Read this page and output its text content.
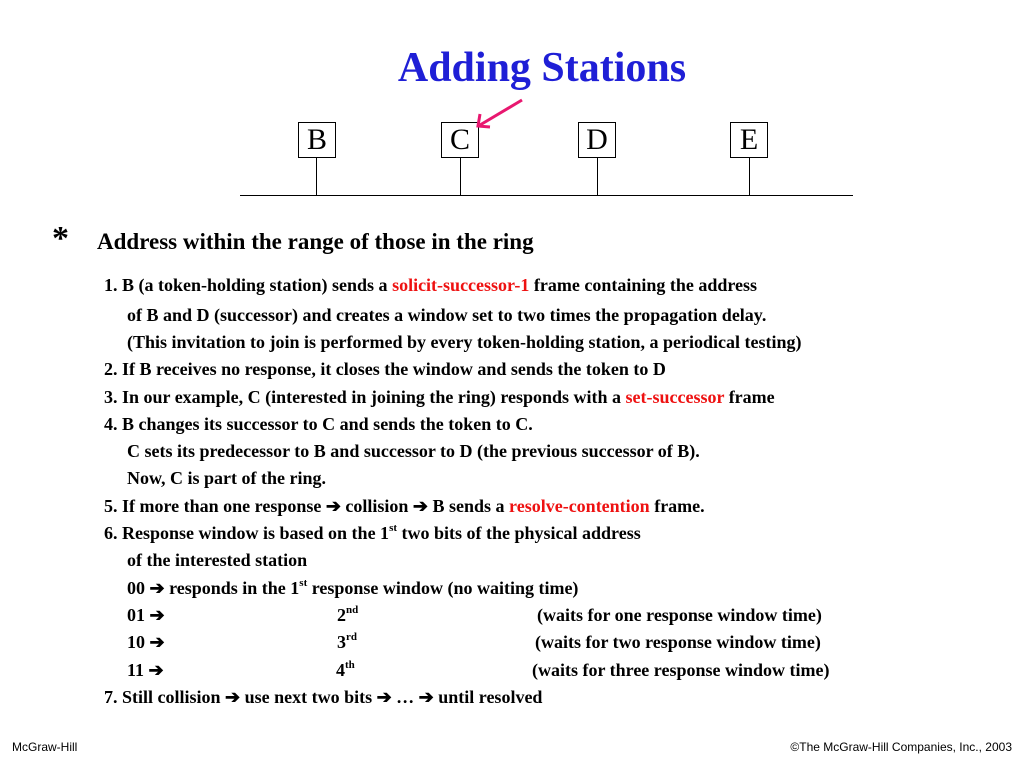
Adding Stations
B	C	D	E
* Address within the range of those in the ring
1. B (a token-holding station) sends a solicit-successor-1 frame containing the address
of B and D (successor) and creates a window set to two times the propagation delay.
(This invitation to join is performed by every token-holding station, a periodical testing)
2. If B receives no response, it closes the window and sends the token to D
3. In our example, C (interested in joining the ring) responds with a set-successor frame
4. B changes its successor to C and sends the token to C.
C sets its predecessor to B and successor to D (the previous successor of B).
Now, C is part of the ring.
5. If more than one response ➔ collision ➔ B sends a resolve-contention frame.
6. Response window is based on the 1st two bits of the physical address
of the interested station
00 ➔ responds in the 1st response window (no waiting time)
01 ➔	2nd	(waits for one response window time)
10 ➔	3rd	(waits for two response window time)
11 ➔	4th	(waits for three response window time)
7. Still collision ➔ use next two bits ➔ … ➔ until resolved
McGraw-Hill	©The McGraw-Hill Companies, Inc., 2003
